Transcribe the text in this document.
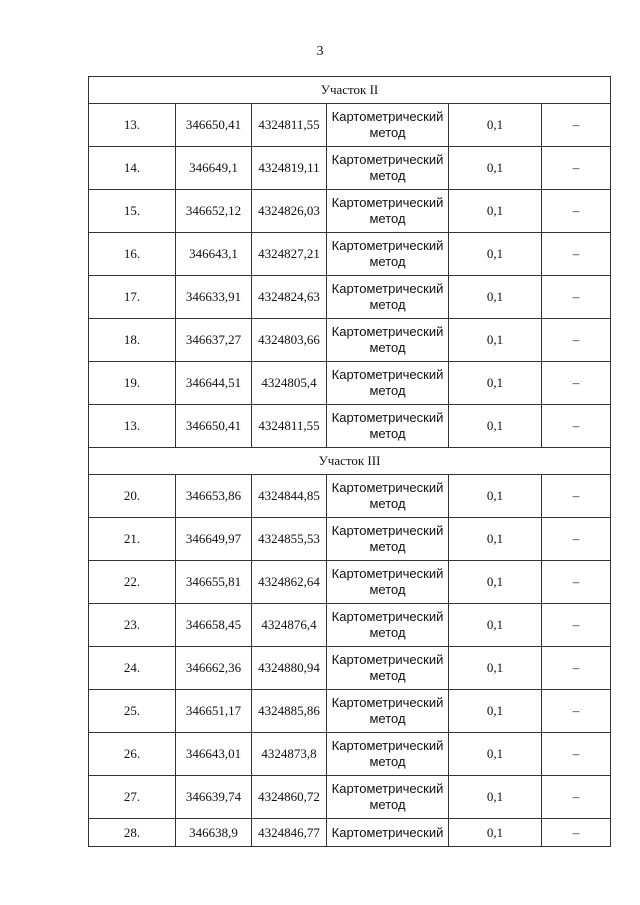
3
Участок II					
13.	346650,41	4324811,55	Картометрический
метод	0,1	–
14.	346649,1	4324819,11	Картометрический
метод	0,1	–
15.	346652,12	4324826,03	Картометрический
метод	0,1	–
16.	346643,1	4324827,21	Картометрический
метод	0,1	–
17.	346633,91	4324824,63	Картометрический
метод	0,1	–
18.	346637,27	4324803,66	Картометрический
метод	0,1	–
19.	346644,51	4324805,4	Картометрический
метод	0,1	–
13.	346650,41	4324811,55	Картометрический
метод	0,1	–
Участок III					
20.	346653,86	4324844,85	Картометрический
метод	0,1	–
21.	346649,97	4324855,53	Картометрический
метод	0,1	–
22.	346655,81	4324862,64	Картометрический
метод	0,1	–
23.	346658,45	4324876,4	Картометрический
метод	0,1	–
24.	346662,36	4324880,94	Картометрический
метод	0,1	–
25.	346651,17	4324885,86	Картометрический
метод	0,1	–
26.	346643,01	4324873,8	Картометрический
метод	0,1	–
27.	346639,74	4324860,72	Картометрический
метод	0,1	–
28.	346638,9	4324846,77	Картометрический	0,1	–
